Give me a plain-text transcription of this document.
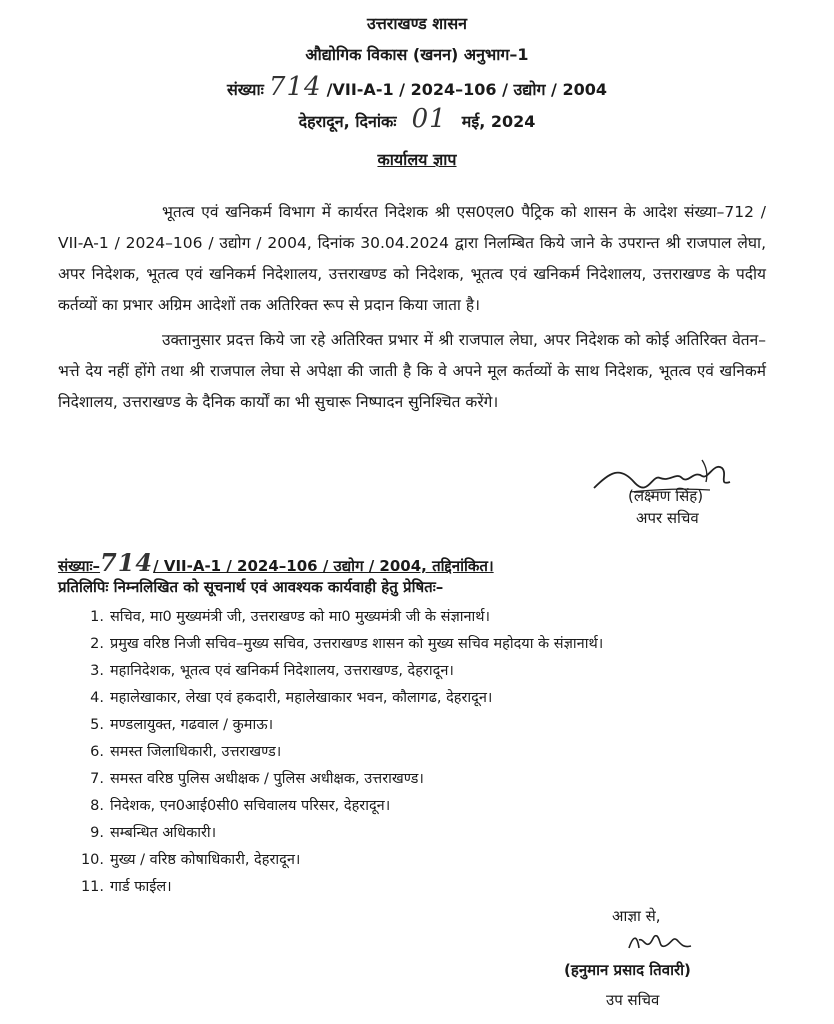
उत्तराखण्ड शासन
औद्योगिक विकास (खनन) अनुभाग–1
संख्याः 714 /VII-A-1 / 2024–106 / उद्योग / 2004
देहरादून, दिनांकः 01 मई, 2024
कार्यालय ज्ञाप
भूतत्व एवं खनिकर्म विभाग में कार्यरत निदेशक श्री एस0एल0 पैट्रिक को शासन के आदेश संख्या–712 / VII-A-1 / 2024–106 / उद्योग / 2004, दिनांक 30.04.2024 द्वारा निलम्बित किये जाने के उपरान्त श्री राजपाल लेघा, अपर निदेशक, भूतत्व एवं खनिकर्म निदेशालय, उत्तराखण्ड को निदेशक, भूतत्व एवं खनिकर्म निदेशालय, उत्तराखण्ड के पदीय कर्तव्यों का प्रभार अग्रिम आदेशों तक अतिरिक्त रूप से प्रदान किया जाता है।
उक्तानुसार प्रदत्त किये जा रहे अतिरिक्त प्रभार में श्री राजपाल लेघा, अपर निदेशक को कोई अतिरिक्त वेतन–भत्ते देय नहीं होंगे तथा श्री राजपाल लेघा से अपेक्षा की जाती है कि वे अपने मूल कर्तव्यों के साथ निदेशक, भूतत्व एवं खनिकर्म निदेशालय, उत्तराखण्ड के दैनिक कार्यों का भी सुचारू निष्पादन सुनिश्चित करेंगे।
(लक्ष्मण सिंह)
अपर सचिव
संख्याः–714/ VII-A-1 / 2024–106 / उद्योग / 2004, तद्दिनांकित।
प्रतिलिपिः निम्नलिखित को सूचनार्थ एवं आवश्यक कार्यवाही हेतु प्रेषितः–
1. सचिव, मा0 मुख्यमंत्री जी, उत्तराखण्ड को मा0 मुख्यमंत्री जी के संज्ञानार्थ।
2. प्रमुख वरिष्ठ निजी सचिव–मुख्य सचिव, उत्तराखण्ड शासन को मुख्य सचिव महोदया के संज्ञानार्थ।
3. महानिदेशक, भूतत्व एवं खनिकर्म निदेशालय, उत्तराखण्ड, देहरादून।
4. महालेखाकार, लेखा एवं हकदारी, महालेखाकार भवन, कौलागढ, देहरादून।
5. मण्डलायुक्त, गढवाल / कुमाऊ।
6. समस्त जिलाधिकारी, उत्तराखण्ड।
7. समस्त वरिष्ठ पुलिस अधीक्षक / पुलिस अधीक्षक, उत्तराखण्ड।
8. निदेशक, एन0आई0सी0 सचिवालय परिसर, देहरादून।
9. सम्बन्धित अधिकारी।
10. मुख्य / वरिष्ठ कोषाधिकारी, देहरादून।
11. गार्ड फाईल।
आज्ञा से,
(हनुमान प्रसाद तिवारी)
उप सचिव
